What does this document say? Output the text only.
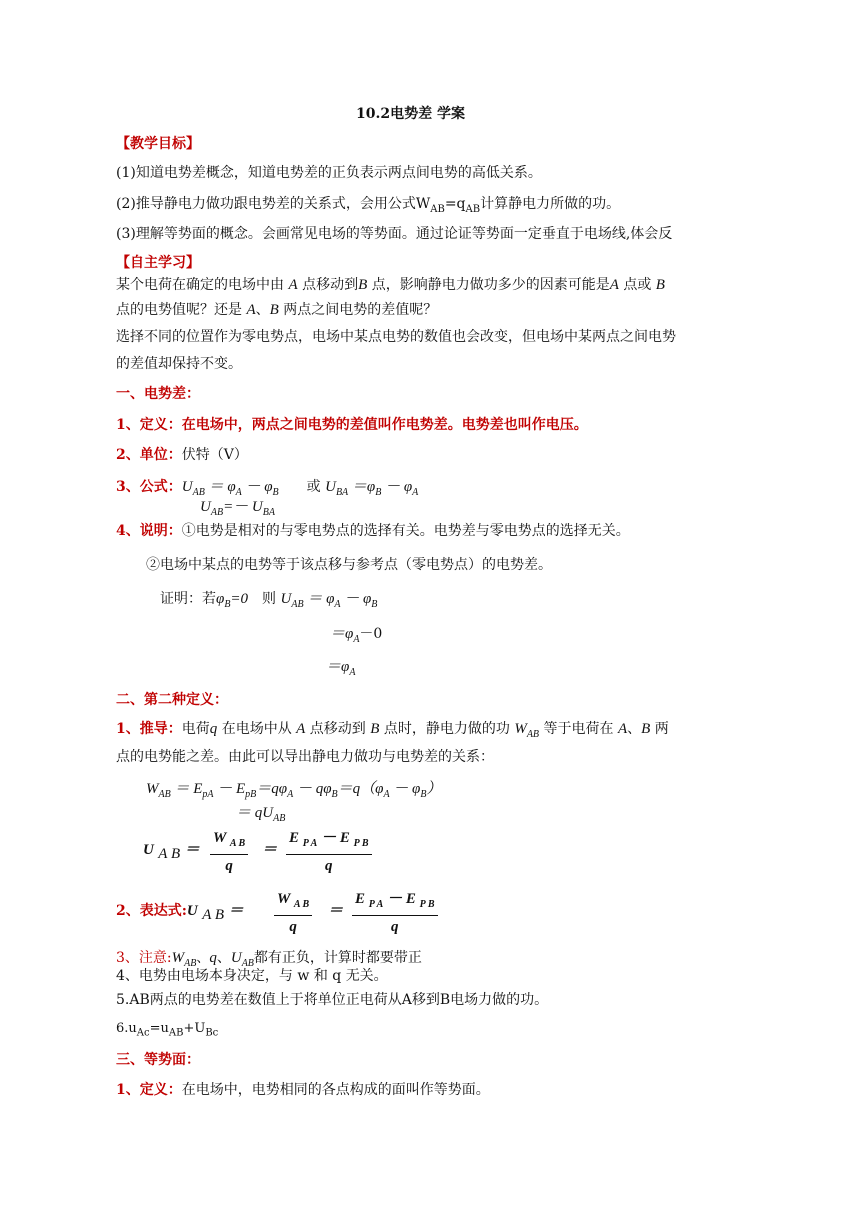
10.2电势差 学案
【教学目标】
(1)知道电势差概念，知道电势差的正负表示两点间电势的高低关系。
(2)推导静电力做功跟电势差的关系式，会用公式$W_{AB}=q_{AB}$计算静电力所做的功。
(3)理解等势面的概念。会画常见电场的等势面。通过论证等势面一定垂直于电场线,体会反
【自主学习】
某个电荷在确定的电场中由 A 点移动到B 点，影响静电力做功多少的因素可能是A 点或 B
点的电势值呢？还是 A、B 两点之间电势的差值呢？
选择不同的位置作为零电势点，电场中某点电势的数值也会改变，但电场中某两点之间电势
的差值却保持不变。
一、电势差：
1、定义：在电场中，两点之间电势的差值叫作电势差。电势差也叫作电压。
2、单位：伏特（V）
3、公式：$U_{AB} = \varphi_A - \varphi_B$　　 或 $U_{BA} =\varphi_B - \varphi_A$
$U_{AB}=- U_{BA}$
4、说明：①电势是相对的与零电势点的选择有关。电势差与零电势点的选择无关。
②电场中某点的电势等于该点移与参考点（零电势点）的电势差。
证明：若$\varphi_B=0$　 则 $U_{AB} = \varphi_A - \varphi_B$
$=\varphi_A-0$
$=\varphi_A$
二、第二种定义：
1、推导：电荷q 在电场中从 A 点移动到 B 点时，静电力做的功 $W_{AB}$ 等于电荷在 A、B 两
点的电势能之差。由此可以导出静电力做功与电势差的关系：
$W_{AB} = E_{pA} - E_{pB}=q\varphi_A - q\varphi_B=q(\varphi_A - \varphi_B)$
＝ $qU_{AB}$
U $_{A B}$ ＝
W $_{A B}$
q
＝
E $_{P A}$ － E $_{P B}$
q
2、表达式:U $_{A B}$ ＝
W $_{A B}$
q
＝
E $_{P A}$ － E $_{P B}$
q
3、注意$:W_{AB}$、q、$U_{AB}$都有正负，计算时都要带正
4、电势由电场本身决定，与 w 和 q 无关。
5.AB两点的电势差在数值上于将单位正电荷从A移到B电场力做的功。
$6.u_{Ac}=u_{AB}+U_{Bc}$
三、等势面：
1、定义：在电场中，电势相同的各点构成的面叫作等势面。
